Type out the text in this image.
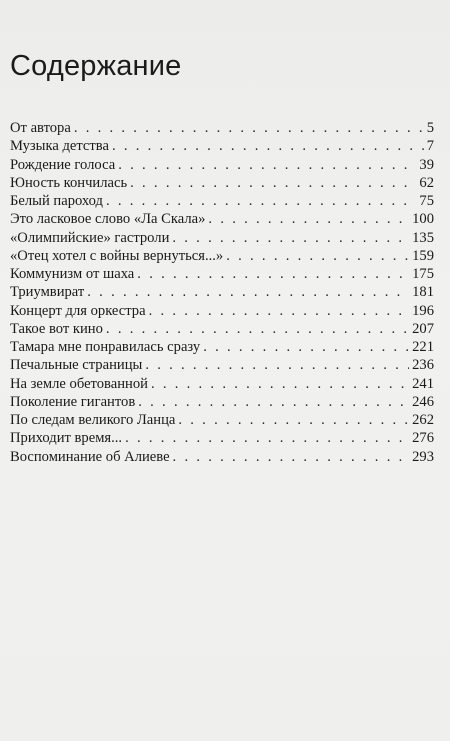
Содержание
От автора . . .	5
Музыка детства . . .	7
Рождение голоса . . .	39
Юность кончилась . . .	62
Белый пароход . . .	75
Это ласковое слово «Ла Скала» . . .	100
«Олимпийские» гастроли . . .	135
«Отец хотел с войны вернуться...» . . .	159
Коммунизм от шаха . . .	175
Триумвират . . .	181
Концерт для оркестра . . .	196
Такое вот кино . . .	207
Тамара мне понравилась сразу . . .	221
Печальные страницы . . .	236
На земле обетованной . . .	241
Поколение гигантов . . .	246
По следам великого Ланца . . .	262
Приходит время... . . .	276
Воспоминание об Алиеве . . .	293
